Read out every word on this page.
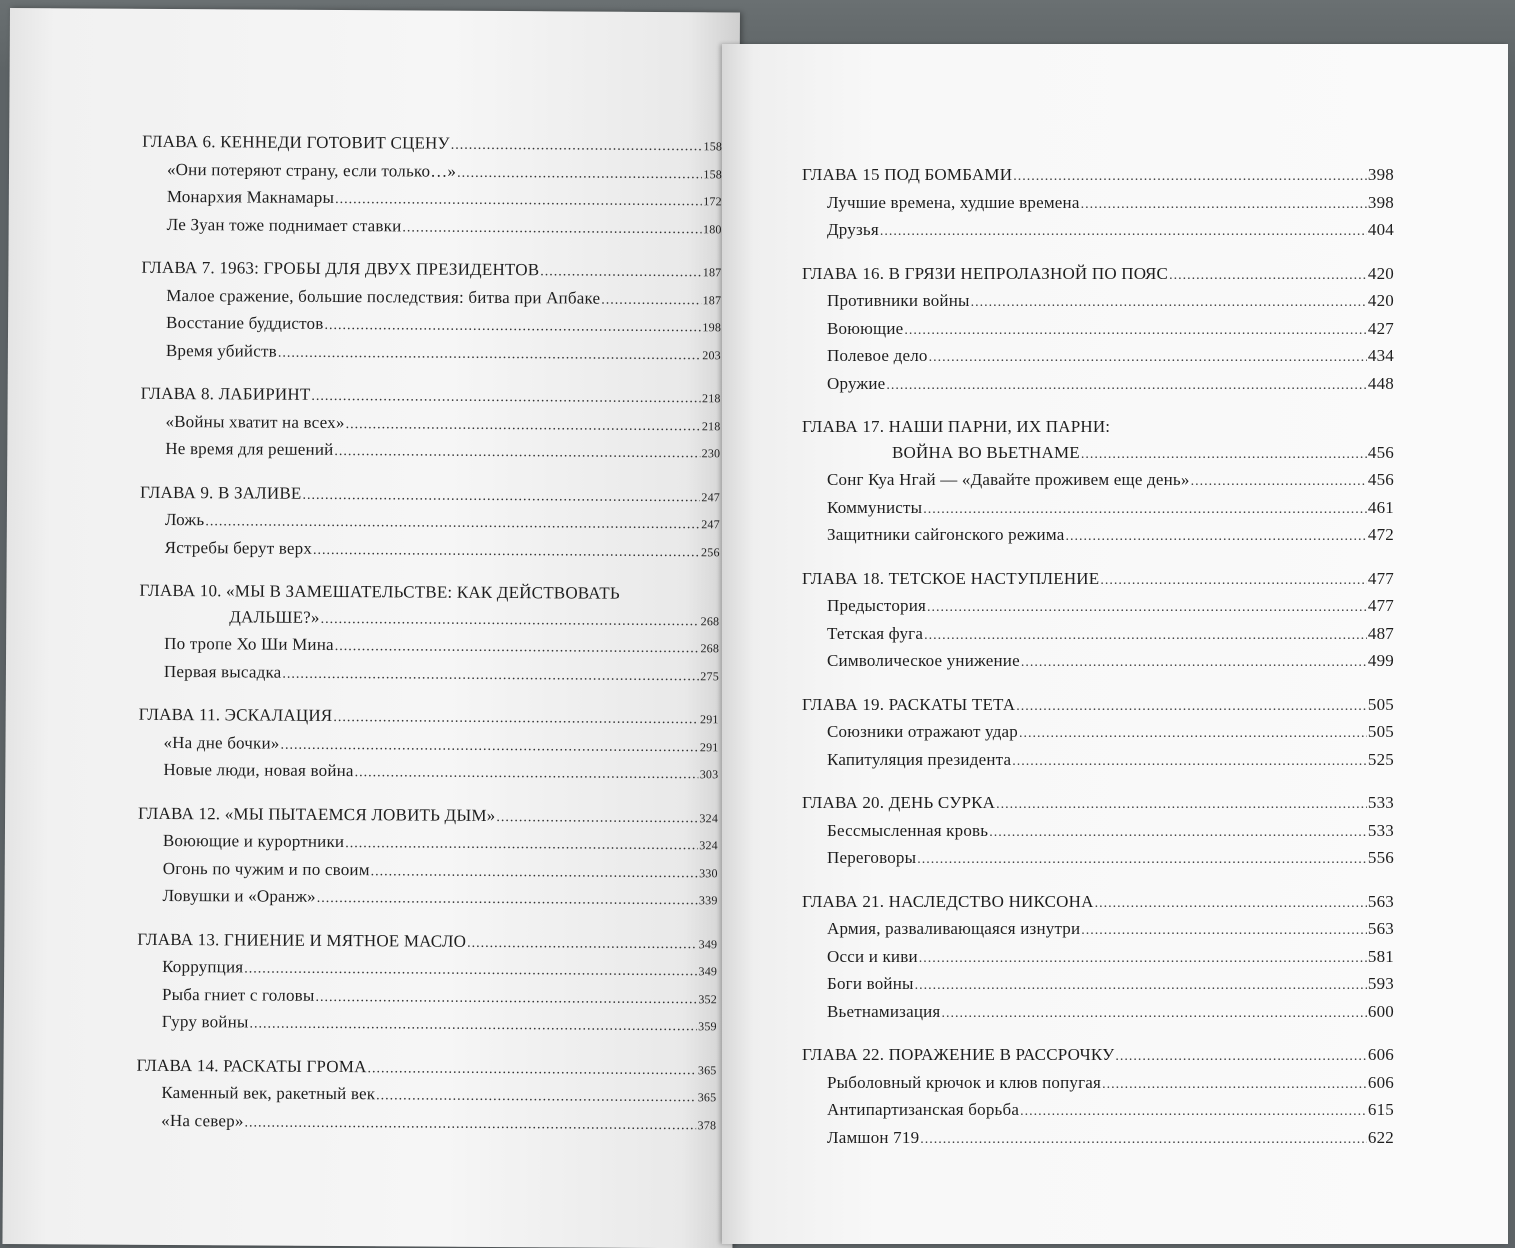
ГЛАВА 6. КЕННЕДИ ГОТОВИТ СЦЕНУ .....	158
«Они потеряют страну, если только…» .....	158
Монархия Макнамары .....	172
Ле Зуан тоже поднимает ставки .....	180
ГЛАВА 7. 1963: ГРОБЫ ДЛЯ ДВУХ ПРЕЗИДЕНТОВ .....	187
Малое сражение, большие последствия: битва при Апбаке .....	187
Восстание буддистов .....	198
Время убийств .....	203
ГЛАВА 8. ЛАБИРИНТ .....	218
«Войны хватит на всех» .....	218
Не время для решений .....	230
ГЛАВА 9. В ЗАЛИВЕ .....	247
Ложь .....	247
Ястребы берут верх .....	256
ГЛАВА 10. «МЫ В ЗАМЕШАТЕЛЬСТВЕ: КАК ДЕЙСТВОВАТЬ
ДАЛЬШЕ?» .....	268
По тропе Хо Ши Мина .....	268
Первая высадка .....	275
ГЛАВА 11. ЭСКАЛАЦИЯ .....	291
«На дне бочки» .....	291
Новые люди, новая война .....	303
ГЛАВА 12. «МЫ ПЫТАЕМСЯ ЛОВИТЬ ДЫМ» .....	324
Воюющие и курортники .....	324
Огонь по чужим и по своим .....	330
Ловушки и «Оранж» .....	339
ГЛАВА 13. ГНИЕНИЕ И МЯТНОЕ МАСЛО .....	349
Коррупция .....	349
Рыба гниет с головы .....	352
Гуру войны .....	359
ГЛАВА 14. РАСКАТЫ ГРОМА .....	365
Каменный век, ракетный век .....	365
«На север» .....	378
ГЛАВА 15 ПОД БОМБАМИ .....	398
Лучшие времена, худшие времена .....	398
Друзья .....	404
ГЛАВА 16. В ГРЯЗИ НЕПРОЛАЗНОЙ ПО ПОЯС .....	420
Противники войны .....	420
Воюющие .....	427
Полевое дело .....	434
Оружие .....	448
ГЛАВА 17. НАШИ ПАРНИ, ИХ ПАРНИ:
ВОЙНА ВО ВЬЕТНАМЕ .....	456
Сонг Куа Нгай — «Давайте проживем еще день» .....	456
Коммунисты .....	461
Защитники сайгонского режима .....	472
ГЛАВА 18. ТЕТСКОЕ НАСТУПЛЕНИЕ .....	477
Предыстория .....	477
Тетская фуга .....	487
Символическое унижение .....	499
ГЛАВА 19. РАСКАТЫ ТЕТА .....	505
Союзники отражают удар .....	505
Капитуляция президента .....	525
ГЛАВА 20. ДЕНЬ СУРКА .....	533
Бессмысленная кровь .....	533
Переговоры .....	556
ГЛАВА 21. НАСЛЕДСТВО НИКСОНА .....	563
Армия, разваливающаяся изнутри .....	563
Осси и киви .....	581
Боги войны .....	593
Вьетнамизация .....	600
ГЛАВА 22. ПОРАЖЕНИЕ В РАССРОЧКУ .....	606
Рыболовный крючок и клюв попугая .....	606
Антипартизанская борьба .....	615
Ламшон 719 .....	622
